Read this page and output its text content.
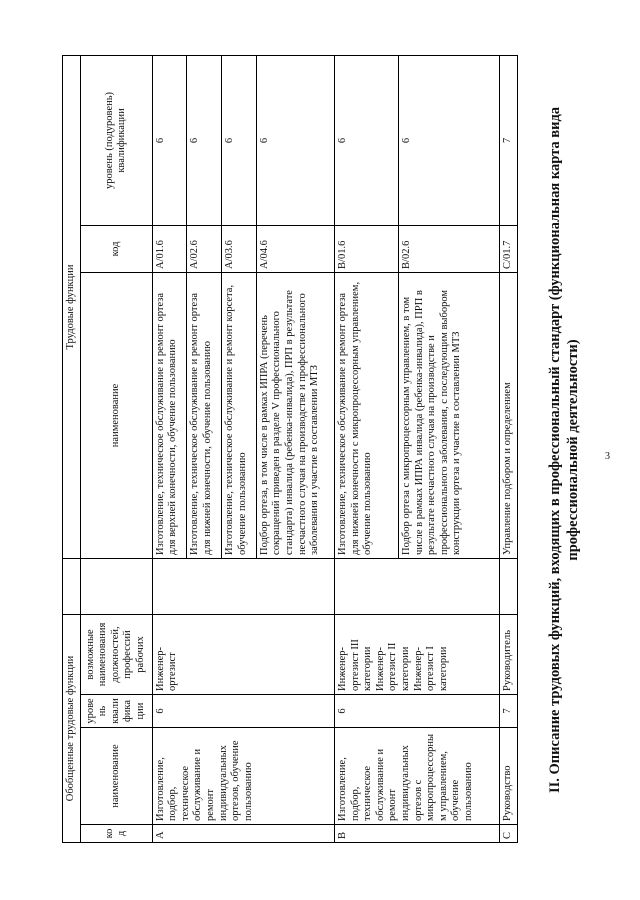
3
II. Описание трудовых функций, входящих в профессиональный стандарт (функциональная карта вида профессиональной деятельности)
Обобщенные трудовые функции					Трудовые функции		
код	наименование	уровень квалификации	возможные наименования должностей, профессий рабочих		наименование	код	уровень (подуровень) квалификации
A	Изготовление, подбор, техническое обслуживание и ремонт индивидуальных ортезов, обучение пользованию	6	Инженер-ортезист		Изготовление, техническое обслуживание и ремонт ортеза для верхней конечности, обучение пользованию	A/01.6	6
					Изготовление, техническое обслуживание и ремонт ортеза для нижней конечности, обучение пользованию	A/02.6	6
					Изготовление, техническое обслуживание и ремонт корсета, обучение пользованию	A/03.6	6
					Подбор ортеза, в том числе в рамках ИПРА (перечень сокращений приведен в разделе V профессионального стандарта) инвалида (ребенка-инвалида), ПРП в результате несчастного случая на производстве и профессионального заболевания и участие в составлении МТЗ	A/04.6	6
B	Изготовление, подбор, техническое обслуживание и ремонт индивидуальных ортезов с микропроцессорным управлением, обучение пользованию	6	Инженер-ортезист III категории Инженер-ортезист II категории Инженер-ортезист I категории		Изготовление, техническое обслуживание и ремонт ортеза для нижней конечности с микропроцессорным управлением, обучение пользованию	B/01.6	6
					Подбор ортеза с микропроцессорным управлением, в том числе в рамках ИПРА инвалида (ребенка-инвалида), ПРП в результате несчастного случая на производстве и профессионального заболевания, с последующим выбором конструкции ортеза и участие в составлении МТЗ	B/02.6	6
C	Руководство	7	Руководитель		Управление подбором и определением	C/01.7	7
